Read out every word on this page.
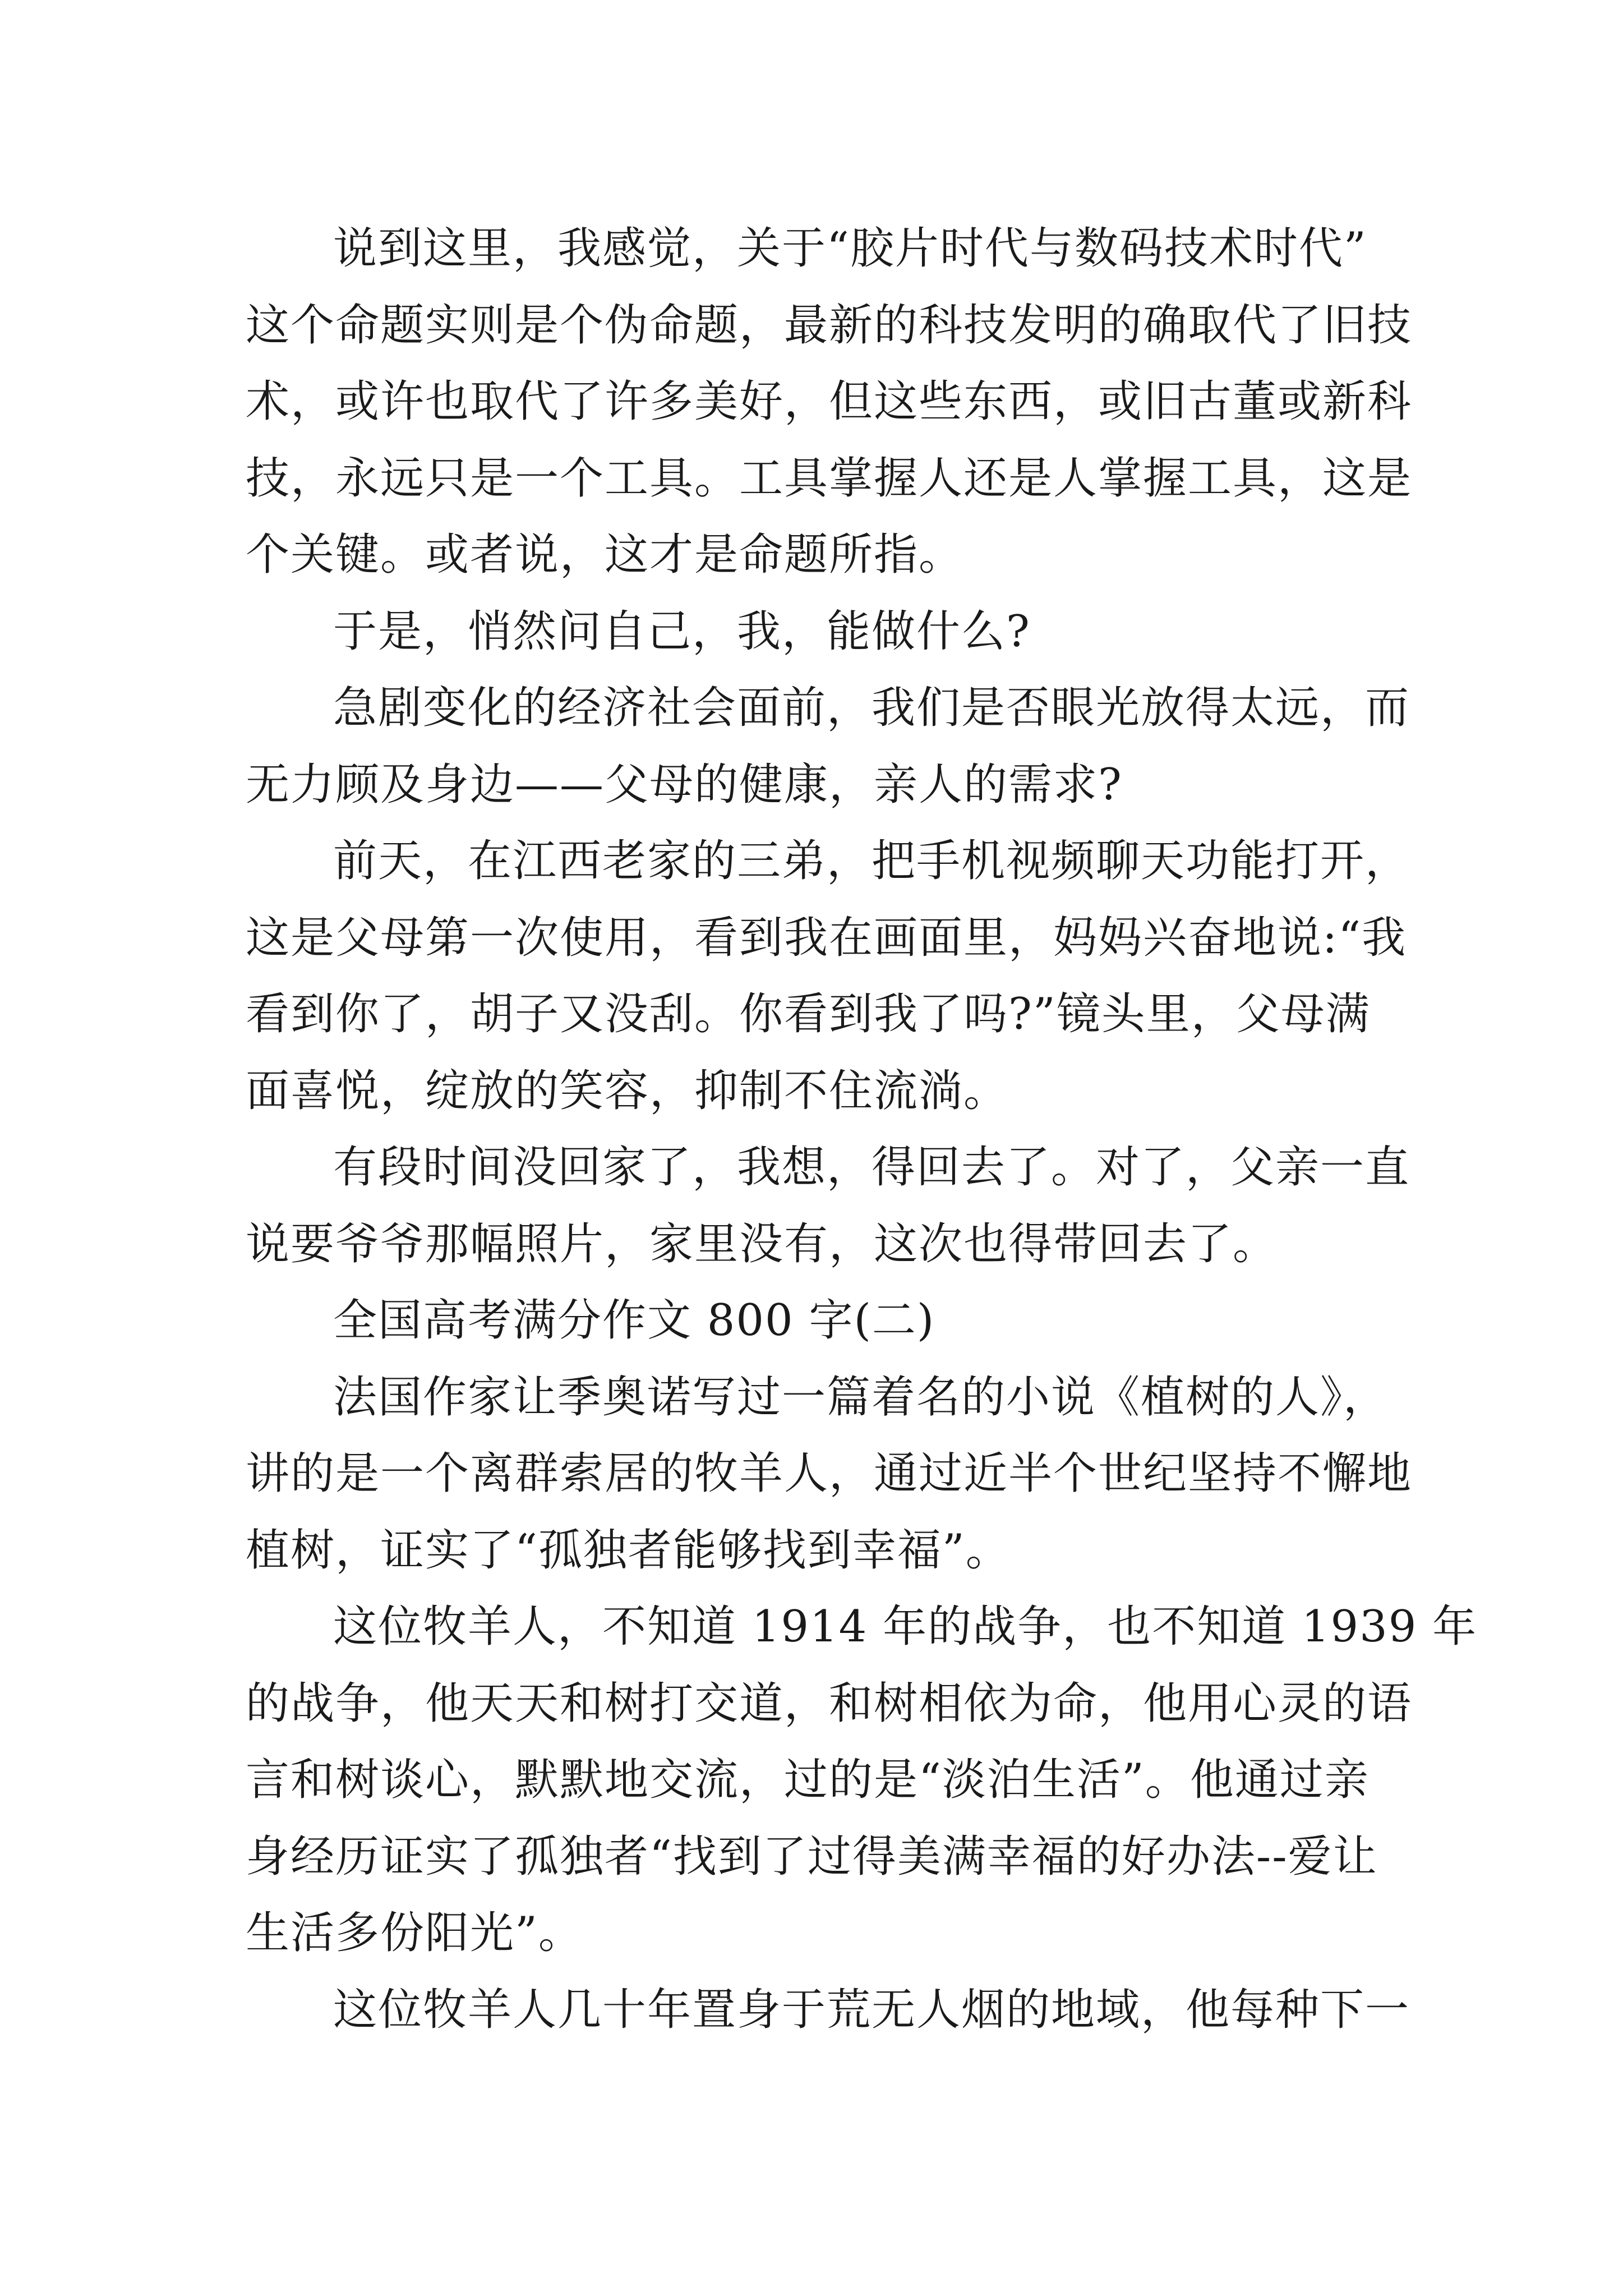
说到这里，我感觉，关于“胶片时代与数码技术时代”
这个命题实则是个伪命题，最新的科技发明的确取代了旧技
术，或许也取代了许多美好，但这些东西，或旧古董或新科
技，永远只是一个工具。工具掌握人还是人掌握工具，这是
个关键。或者说，这才是命题所指。

于是，悄然问自己，我，能做什么?

急剧变化的经济社会面前，我们是否眼光放得太远，而
无力顾及身边——父母的健康，亲人的需求?

前天，在江西老家的三弟，把手机视频聊天功能打开，
这是父母第一次使用，看到我在画面里，妈妈兴奋地说:“我
看到你了，胡子又没刮。你看到我了吗?”镜头里，父母满
面喜悦，绽放的笑容，抑制不住流淌。

有段时间没回家了，我想，得回去了。对了，父亲一直
说要爷爷那幅照片，家里没有，这次也得带回去了。

全国高考满分作文 800 字(二)

法国作家让季奥诺写过一篇着名的小说《植树的人》，
讲的是一个离群索居的牧羊人，通过近半个世纪坚持不懈地
植树，证实了“孤独者能够找到幸福”。

这位牧羊人，不知道 1914 年的战争，也不知道 1939 年
的战争，他天天和树打交道，和树相依为命，他用心灵的语
言和树谈心，默默地交流，过的是“淡泊生活”。他通过亲
身经历证实了孤独者“找到了过得美满幸福的好办法--爱让
生活多份阳光”。

这位牧羊人几十年置身于荒无人烟的地域，他每种下一
